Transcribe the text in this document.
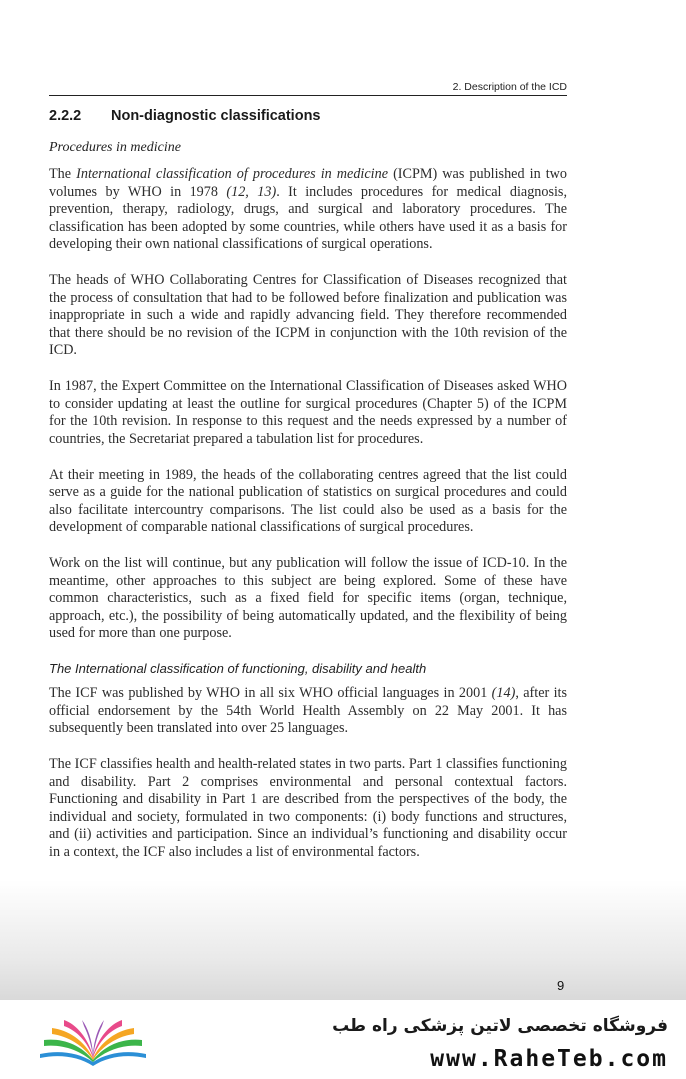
2. Description of the ICD
2.2.2 Non-diagnostic classifications
Procedures in medicine

The International classification of procedures in medicine (ICPM) was published in two volumes by WHO in 1978 (12, 13). It includes procedures for medical diagnosis, prevention, therapy, radiology, drugs, and surgical and laboratory procedures. The classification has been adopted by some countries, while others have used it as a basis for developing their own national classifications of surgical operations.

The heads of WHO Collaborating Centres for Classification of Diseases recognized that the process of consultation that had to be followed before finalization and publication was inappropriate in such a wide and rapidly advancing field. They therefore recommended that there should be no revision of the ICPM in conjunction with the 10th revision of the ICD.

In 1987, the Expert Committee on the International Classification of Diseases asked WHO to consider updating at least the outline for surgical procedures (Chapter 5) of the ICPM for the 10th revision. In response to this request and the needs expressed by a number of countries, the Secretariat prepared a tabulation list for procedures.

At their meeting in 1989, the heads of the collaborating centres agreed that the list could serve as a guide for the national publication of statistics on surgical procedures and could also facilitate intercountry comparisons. The list could also be used as a basis for the development of comparable national classifications of surgical procedures.

Work on the list will continue, but any publication will follow the issue of ICD-10. In the meantime, other approaches to this subject are being explored. Some of these have common characteristics, such as a fixed field for specific items (organ, technique, approach, etc.), the possibility of being automatically updated, and the flexibility of being used for more than one purpose.

The International classification of functioning, disability and health

The ICF was published by WHO in all six WHO official languages in 2001 (14), after its official endorsement by the 54th World Health Assembly on 22 May 2001. It has subsequently been translated into over 25 languages.

The ICF classifies health and health-related states in two parts. Part 1 classifies functioning and disability. Part 2 comprises environmental and personal contextual factors. Functioning and disability in Part 1 are described from the perspectives of the body, the individual and society, formulated in two components: (i) body functions and structures, and (ii) activities and participation. Since an individual’s functioning and disability occur in a context, the ICF also includes a list of environmental factors.

9
فروشگاه تخصصی لاتین پزشکی راه طب
www.RaheTeb.com
